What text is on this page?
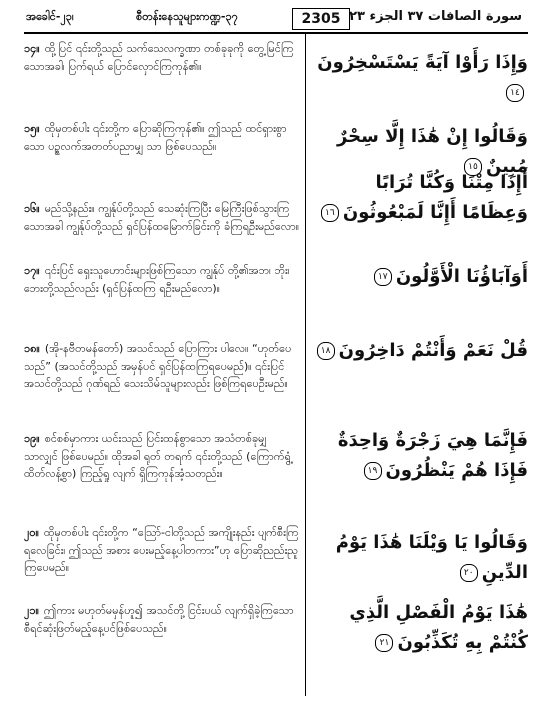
အခေါင်-၂၃၊	စီတန်းနေသူများကဏ္ဍ-၃၇	2305 سورة الصافات ٣٧ الجزء ٢٣
၁၄။ ထို့ပြင် ၎င်းတို့သည် သက်သေလက္ခဏာ တစ်ခုခုကို တွေ့မြင်ကြသောအခါ၊ ပြက်ရယ် ပြောင်လှောင်ကြကုန်၏။
၁၅။ ထိုမှတစ်ပါး ၎င်းတို့က ပြောဆိုကြကုန်၏။ ဤသည် ထင်ရှားစွာသော ပဉ္စလက်အတတ်ပညာမျှ သာ ဖြစ်ပေသည်။
၁၆။ မည်သို့နည်း။ ကျွန်ုပ်တို့သည် သေဆုံးကြပြီး မြေကြီးဖြစ်သွားကြသောအခါ ကျွန်ုပ်တို့သည် ရှင်ပြန်ထမြောက်ခြင်းကို ခံကြရဦးမည်လော။
၁၇။ ၎င်းပြင် ရှေးသူဟောင်းများဖြစ်ကြသော ကျွန်ုပ် တို့၏အဘ၊ ဘိုး၊ ဘေးတို့သည်လည်း (ရှင်ပြန်ထကြ ရဦးမည်လော)။
၁၈။ (အို-နဗီတမန်တော်) အသင်သည် ပြောကြား ပါလေ။ “ဟုတ်ပေသည်” (အသင်တို့သည် အမှန်ပင် ရှင်ပြန်ထကြရပေမည်)။ ၎င်းပြင် အသင်တို့သည် ဂုဏ်ရည် သေးသိမ်သူများလည်း ဖြစ်ကြရပေဦးမည်။
၁၉။ စင်စစ်မှာကား ယင်းသည် ပြင်းထန်စွာသော အသံတစ်ခုမျှသာလျှင် ဖြစ်ပေမည်။ ထိုအခါ ရုတ် တရက် ၎င်းတို့သည် (ကြောက်ရွံ့ထိတ်လန့်စွာ) ကြည့်ရှု လျက် ရှိကြကုန်အံ့သတည်း။
၂၀။ ထိုမှတစ်ပါး ၎င်းတို့က “သြော်-ငါတို့သည် အကျိုးနည်း ပျက်စီးကြရလေခြင်း၊ ဤသည် အစား ပေးမည့်နေ့ပါတကား”ဟု ပြောဆိုညည်းညူကြပေမည်။
၂၁။ ဤကား မဟုတ်မမှန်ဟူ၍ အသင်တို့ ငြင်းပယ် လျက်ရှိခဲ့ကြသော စီရင်ဆုံးဖြတ်မည့်နေ့ပင်ဖြစ်ပေသည်။
وَإِذَا رَأَوْا آيَةً يَسْتَسْخِرُونَ١٤
وَقَالُوا إِنْ هَٰذَا إِلَّا سِحْرٌ مُبِينٌ١٥
أَإِذَا مِتْنَا وَكُنَّا تُرَابًا وَعِظَامًا أَإِنَّا لَمَبْعُوثُونَ١٦
أَوَآبَاؤُنَا الْأَوَّلُونَ١٧
قُلْ نَعَمْ وَأَنْتُمْ دَاخِرُونَ١٨
فَإِنَّمَا هِيَ زَجْرَةٌ وَاحِدَةٌ فَإِذَا هُمْ يَنْظُرُونَ١٩
وَقَالُوا يَا وَيْلَنَا هَٰذَا يَوْمُ الدِّينِ٢٠
هَٰذَا يَوْمُ الْفَصْلِ الَّذِي كُنْتُمْ بِهِ تُكَذِّبُونَ٢١
